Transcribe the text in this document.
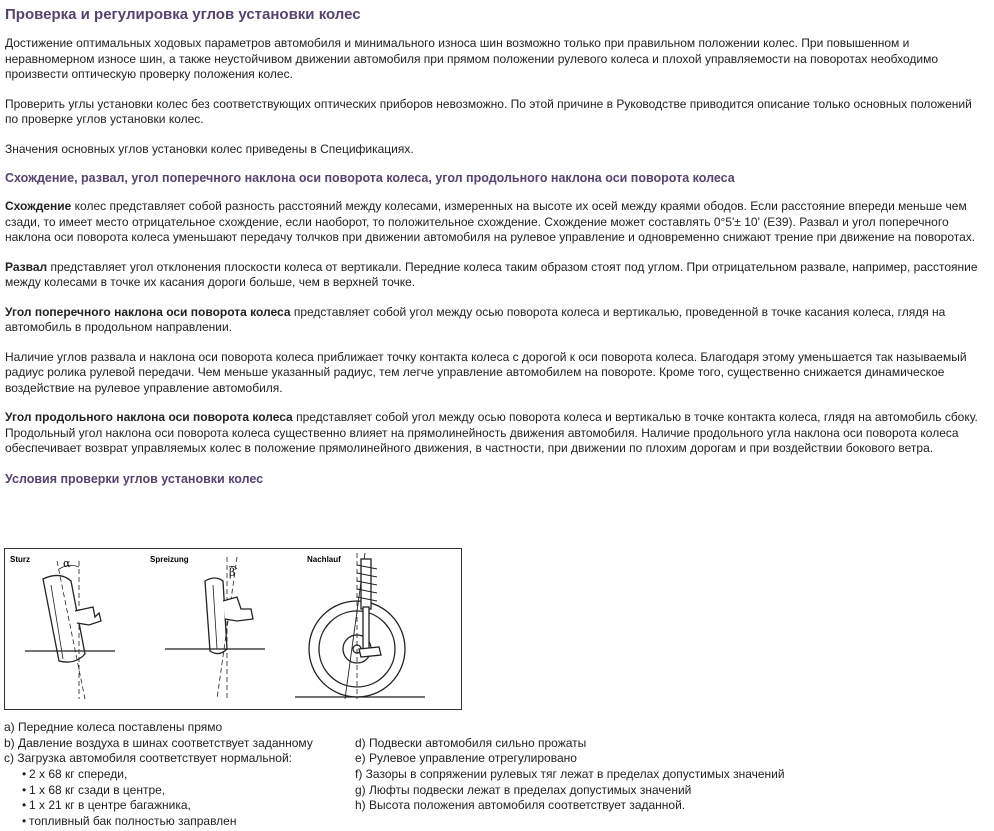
Проверка и регулировка углов установки колес

Достижение оптимальных ходовых параметров автомобиля и минимального износа шин возможно только при правильном положении колес. При повышенном и неравномерном износе шин, а также неустойчивом движении автомобиля при прямом положении рулевого колеса и плохой управляемости на поворотах необходимо произвести оптическую проверку положения колес.

Проверить углы установки колес без соответствующих оптических приборов невозможно. По этой причине в Руководстве приводится описание только основных положений по проверке углов установки колес.

Значения основных углов установки колес приведены в Спецификациях.

Схождение, развал, угол поперечного наклона оси поворота колеса, угол продольного наклона оси поворота колеса

Схождение колес представляет собой разность расстояний между колесами, измеренных на высоте их осей между краями ободов. Если расстояние впереди меньше чем сзади, то имеет место отрицательное схождение, если наоборот, то положительное схождение. Схождение может составлять 0°5'± 10' (E39). Развал и угол поперечного наклона оси поворота колеса уменьшают передачу толчков при движении автомобиля на рулевое управление и одновременно снижают трение при движение на поворотах.

Развал представляет угол отклонения плоскости колеса от вертикали. Передние колеса таким образом стоят под углом. При отрицательном развале, например, расстояние между колесами в точке их касания дороги больше, чем в верхней точке.

Угол поперечного наклона оси поворота колеса представляет собой угол между осью поворота колеса и вертикалью, проведенной в точке касания колеса, глядя на автомобиль в продольном направлении.

Наличие углов развала и наклона оси поворота колеса приближает точку контакта колеса с дорогой к оси поворота колеса. Благодаря этому уменьшается так называемый радиус ролика рулевой передачи. Чем меньше указанный радиус, тем легче управление автомобилем на повороте. Кроме того, существенно снижается динамическое воздействие на рулевое управление автомобиля.

Угол продольного наклона оси поворота колеса представляет собой угол между осью поворота колеса и вертикалью в точке контакта колеса, глядя на автомобиль сбоку. Продольный угол наклона оси поворота колеса существенно влияет на прямолинейность движения автомобиля. Наличие продольного угла наклона оси поворота колеса обеспечивает возврат управляемых колес в положение прямолинейного движения, в частности, при движении по плохим дорогам и при воздействии бокового ветра.

Условия проверки углов установки колес
Sturz	α	Spreizung
β
Nachlauf
a) Передние колеса поставлены прямо
b) Давление воздуха в шинах соответствует заданному
c) Загрузка автомобиля соответствует нормальной:
• 2 x 68 кг спереди,
• 1 x 68 кг сзади в центре,
• 1 x 21 кг в центре багажника,
• топливный бак полностью заправлен
d) Подвески автомобиля сильно прожаты
e) Рулевое управление отрегулировано
f) Зазоры в сопряжении рулевых тяг лежат в пределах допустимых значений
g) Люфты подвески лежат в пределах допустимых значений
h) Высота положения автомобиля соответствует заданной.
